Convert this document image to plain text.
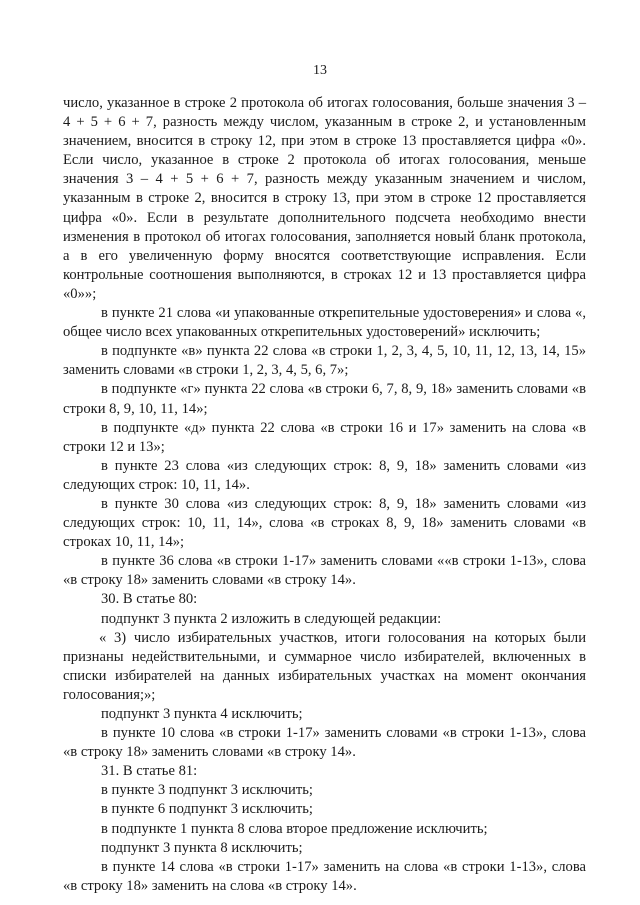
13

число, указанное в строке 2 протокола об итогах голосования, больше значения 3 – 4 + 5 + 6 + 7, разность между числом, указанным в строке 2, и установленным значением, вносится в строку 12, при этом в строке 13 проставляется цифра «0». Если число, указанное в строке 2 протокола об итогах голосования, меньше значения 3 – 4 + 5 + 6 + 7, разность между указанным значением и числом, указанным в строке 2, вносится в строку 13, при этом в строке 12 проставляется цифра «0». Если в результате дополнительного подсчета необходимо внести изменения в протокол об итогах голосования, заполняется новый бланк протокола, а в его увеличенную форму вносятся соответствующие исправления. Если контрольные соотношения выполняются, в строках 12 и 13 проставляется цифра «0»»;

в пункте 21 слова «и упакованные открепительные удостоверения» и слова «, общее число всех упакованных открепительных удостоверений» исключить;

в подпункте «в» пункта 22 слова «в строки 1, 2, 3, 4, 5, 10, 11, 12, 13, 14, 15» заменить словами «в строки 1, 2, 3, 4, 5, 6, 7»;

в подпункте «г» пункта 22 слова «в строки 6, 7, 8, 9, 18» заменить словами «в строки 8, 9, 10, 11, 14»;

в подпункте «д» пункта 22 слова «в строки 16 и 17» заменить на слова «в строки 12 и 13»;

в пункте 23 слова «из следующих строк: 8, 9, 18» заменить словами «из следующих строк: 10, 11, 14».

в пункте 30 слова «из следующих строк: 8, 9, 18» заменить словами «из следующих строк: 10, 11, 14», слова «в строках 8, 9, 18» заменить словами «в строках 10, 11, 14»;

в пункте 36 слова «в строки 1-17» заменить словами ««в строки 1-13», слова «в строку 18» заменить словами «в строку 14».

30. В статье 80:

подпункт 3 пункта 2 изложить в следующей редакции:

« 3) число избирательных участков, итоги голосования на которых были признаны недействительными, и суммарное число избирателей, включенных в списки избирателей на данных избирательных участках на момент окончания голосования;»;

подпункт 3 пункта 4 исключить;

в пункте 10 слова «в строки 1-17» заменить словами «в строки 1-13», слова «в строку 18» заменить словами «в строку 14».

31. В статье 81:

в пункте 3 подпункт 3 исключить;

в пункте 6 подпункт 3 исключить;

в подпункте 1 пункта 8 слова второе предложение исключить;

подпункт 3 пункта 8 исключить;

в пункте 14 слова «в строки 1-17» заменить на слова «в строки 1-13», слова «в строку 18» заменить на слова «в строку 14».
